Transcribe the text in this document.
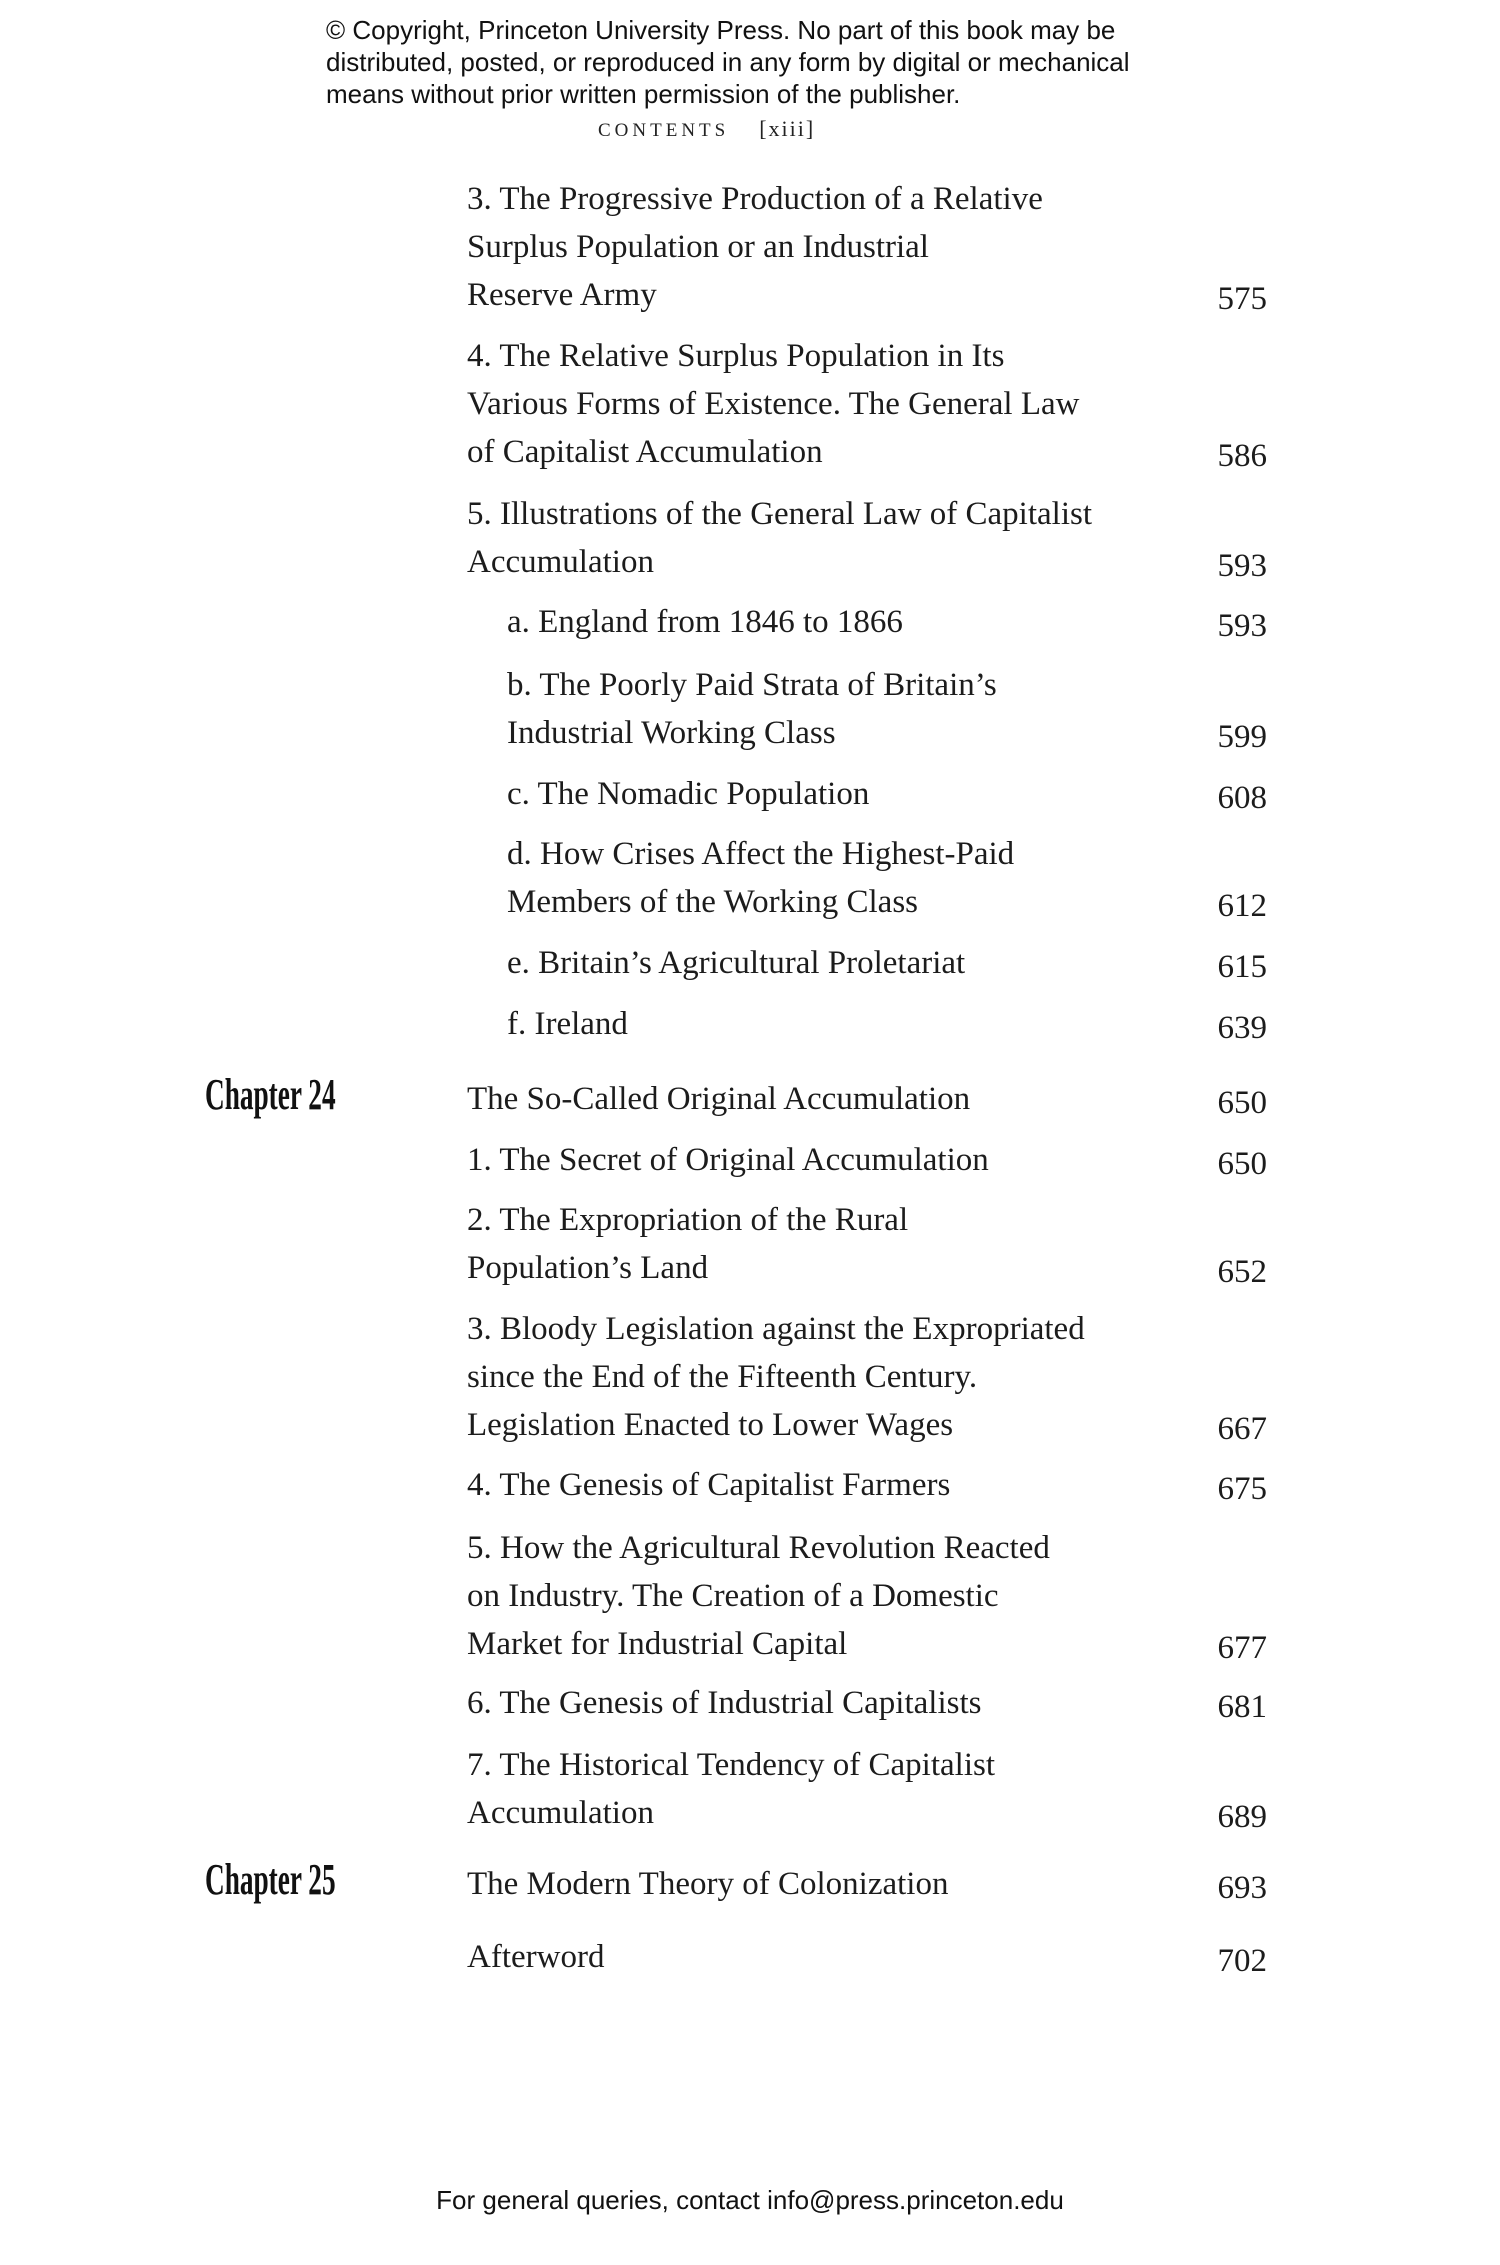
© Copyright, Princeton University Press. No part of this book may be
distributed, posted, or reproduced in any form by digital or mechanical
means without prior written permission of the publisher.
CONTENTS [xiii]
3. The Progressive Production of a Relative
Surplus Population or an Industrial
Reserve Army	575
4. The Relative Surplus Population in Its
Various Forms of Existence. The General Law
of Capitalist Accumulation	586
5. Illustrations of the General Law of Capitalist
Accumulation	593
a. England from 1846 to 1866	593
b. The Poorly Paid Strata of Britain’s
Industrial Working Class	599
c. The Nomadic Population	608
d. How Crises Affect the Highest-Paid
Members of the Working Class	612
e. Britain’s Agricultural Proletariat	615
f. Ireland	639
Chapter 24	The So-Called Original Accumulation	650
1. The Secret of Original Accumulation	650
2. The Expropriation of the Rural
Population’s Land	652
3. Bloody Legislation against the Expropriated
since the End of the Fifteenth Century.
Legislation Enacted to Lower Wages	667
4. The Genesis of Capitalist Farmers	675
5. How the Agricultural Revolution Reacted
on Industry. The Creation of a Domestic
Market for Industrial Capital	677
6. The Genesis of Industrial Capitalists	681
7. The Historical Tendency of Capitalist
Accumulation	689
Chapter 25	The Modern Theory of Colonization	693
Afterword	702
For general queries, contact info@press.princeton.edu
